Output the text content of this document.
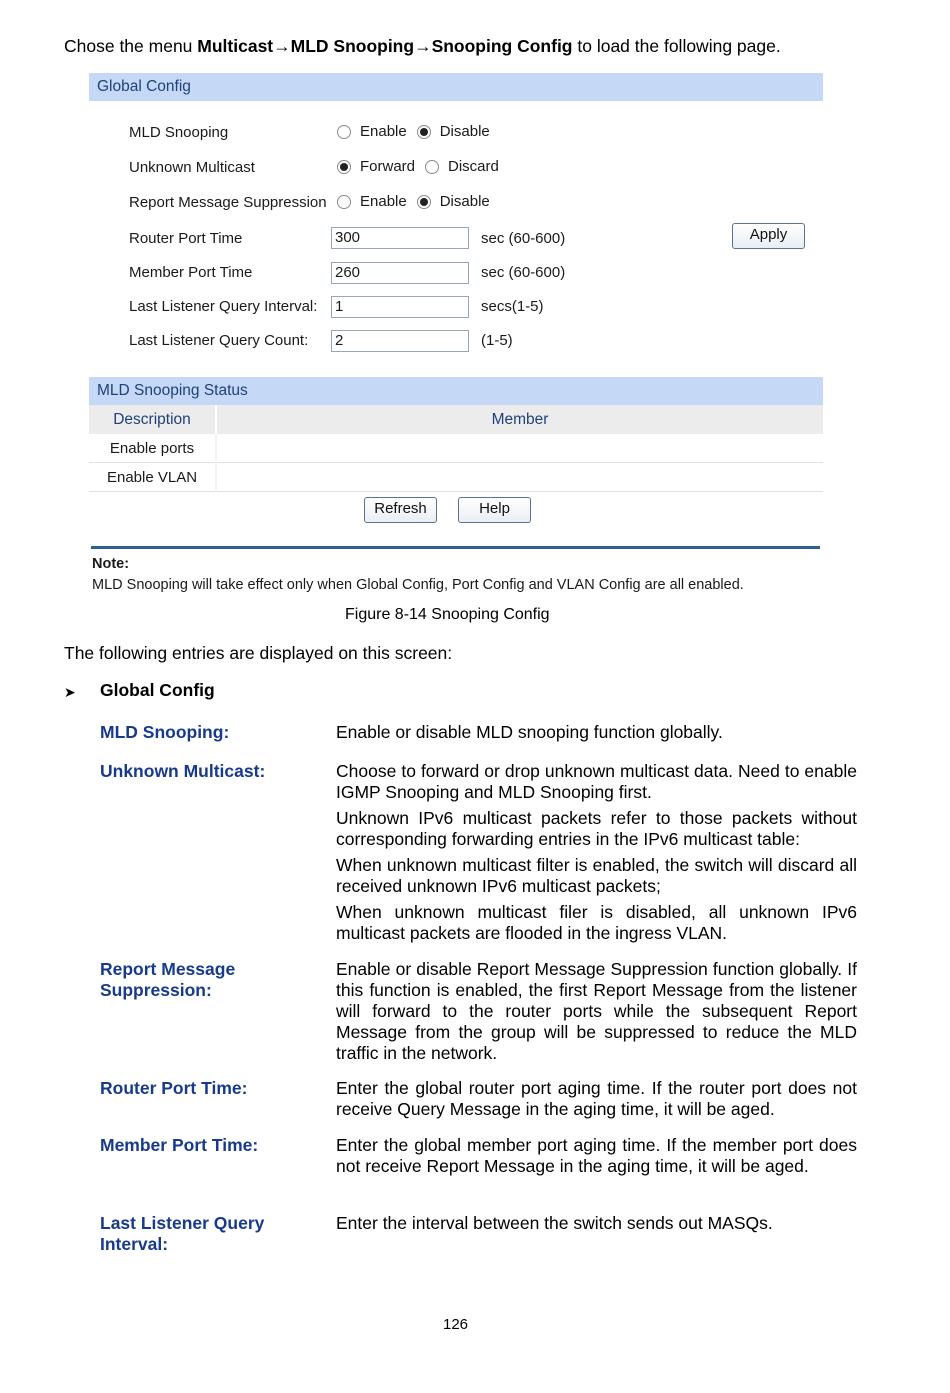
Chose the menu Multicast→MLD Snooping→Snooping Config to load the following page.
Global Config
MLD Snooping	Enable Disable
Unknown Multicast	Forward Discard
Report Message Suppression Enable Disable
Router Port Time	300	sec (60-600)
Member Port Time	260	sec (60-600)
Last Listener Query Interval: 1	secs(1-5)
Last Listener Query Count: 2	(1-5)
Apply
MLD Snooping Status
Description	Member
Enable ports	
Enable VLAN	
Refresh	Help
Note:
MLD Snooping will take effect only when Global Config, Port Config and VLAN Config are all enabled.
Figure 8-14 Snooping Config
The following entries are displayed on this screen:
➤ Global Config
MLD Snooping:	Enable or disable MLD snooping function globally.

Unknown Multicast:	Choose to forward or drop unknown multicast data. Need to enable IGMP Snooping and MLD Snooping first.

Unknown IPv6 multicast packets refer to those packets without corresponding forwarding entries in the IPv6 multicast table:

When unknown multicast filter is enabled, the switch will discard all received unknown IPv6 multicast packets;

When unknown multicast filer is disabled, all unknown IPv6 multicast packets are flooded in the ingress VLAN.

Report Message Suppression:

Enable or disable Report Message Suppression function globally. If this function is enabled, the first Report Message from the listener will forward to the router ports while the subsequent Report Message from the group will be suppressed to reduce the MLD traffic in the network.

Router Port Time:	Enter the global router port aging time. If the router port does not receive Query Message in the aging time, it will be aged.

Member Port Time:	Enter the global member port aging time. If the member port does not receive Report Message in the aging time, it will be aged.

Last Listener Query Interval:

Enter the interval between the switch sends out MASQs.

126
